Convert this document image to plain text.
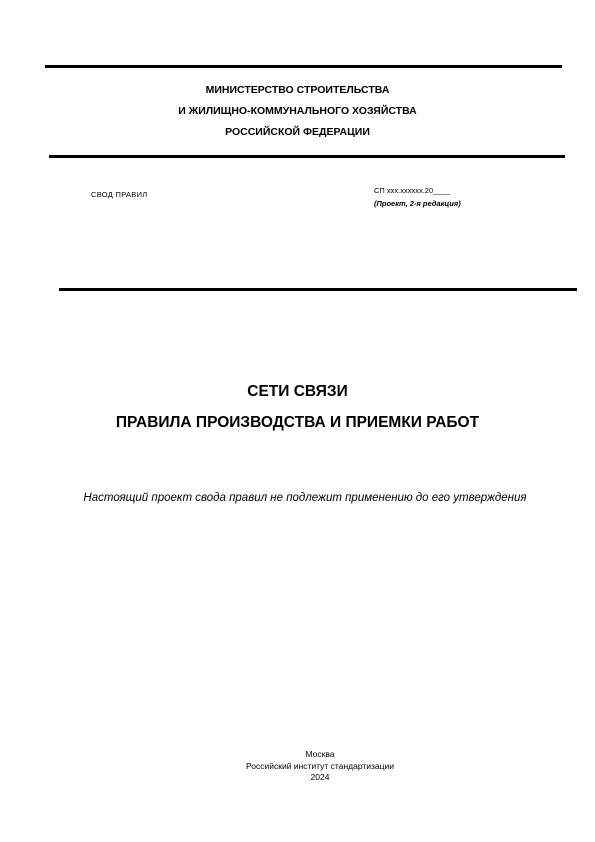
МИНИСТЕРСТВО СТРОИТЕЛЬСТВА
И ЖИЛИЩНО-КОММУНАЛЬНОГО ХОЗЯЙСТВА
РОССИЙСКОЙ ФЕДЕРАЦИИ
СВОД ПРАВИЛ	СП ххх.хххххх.20____
(Проект, 2-я редакция)
СЕТИ СВЯЗИ
ПРАВИЛА ПРОИЗВОДСТВА И ПРИЕМКИ РАБОТ
Настоящий проект свода правил не подлежит применению до его утверждения
Москва
Российский институт стандартизации
2024
